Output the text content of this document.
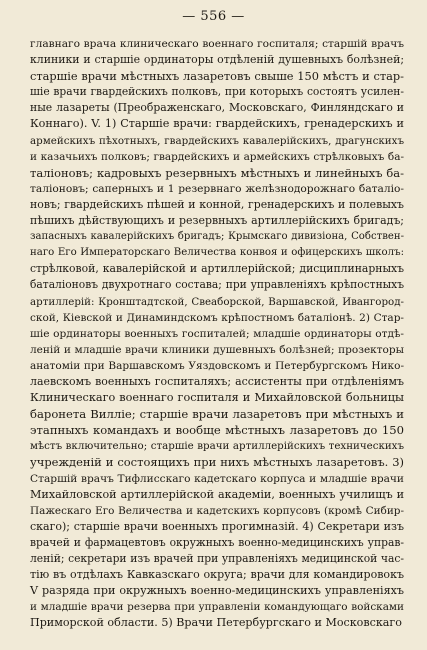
— 556 —
главнаго врача клиническаго военнаго госпиталя; старшій врачъ
клиники и старшіе ординаторы отдѣленій душевныхъ болѣзней;
старшіе врачи мѣстныхъ лазаретовъ свыше 150 мѣстъ и стар-
шіе врачи гвардейскихъ полковъ, при которыхъ состоятъ усилен-
ные лазареты (Преображенскаго, Московскаго, Финляндскаго и
Коннаго). V. 1) Старшіе врачи: гвардейскихъ, гренадерскихъ и
армейскихъ пѣхотныхъ, гвардейскихъ кавалерійскихъ, драгунскихъ
и казачьихъ полковъ; гвардейскихъ и армейскихъ стрѣлковыхъ ба-
таліоновъ; кадровыхъ резервныхъ мѣстныхъ и линейныхъ ба-
таліоновъ; саперныхъ и 1 резервнаго желѣзнодорожнаго баталіо-
новъ; гвардейскихъ пѣшей и конной, гренадерскихъ и полевыхъ
пѣшихъ дѣйствующихъ и резервныхъ артиллерійскихъ бригадъ;
запасныхъ кавалерійскихъ бригадъ; Крымскаго дивизіона, Собствен-
наго Его Императорскаго Величества конвоя и офицерскихъ школъ:
стрѣлковой, кавалерійской и артиллерійской; дисциплинарныхъ
баталіоновъ двухротнаго состава; при управленіяхъ крѣпостныхъ
артиллерій: Кронштадтской, Свеаборской, Варшавской, Ивангород-
ской, Кіевской и Динаминдскомъ крѣпостномъ баталіонѣ. 2) Стар-
шіе ординаторы военныхъ госпиталей; младшіе ординаторы отдѣ-
леній и младшіе врачи клиники душевныхъ болѣзней; прозекторы
анатоміи при Варшавскомъ Уяздовскомъ и Петербургскомъ Нико-
лаевскомъ военныхъ госпиталяхъ; ассистенты при отдѣленіямъ
Клиническаго военнаго госпиталя и Михайловской больницы
баронета Вилліе; старшіе врачи лазаретовъ при мѣстныхъ и
этапныхъ командахъ и вообще мѣстныхъ лазаретовъ до 150
мѣстъ включительно; старшіе врачи артиллерійскихъ техническихъ
учрежденій и состоящихъ при нихъ мѣстныхъ лазаретовъ. 3)
Старшій врачъ Тифлисскаго кадетскаго корпуса и младшіе врачи
Михайловской артиллерійской академіи, военныхъ училищъ и
Пажескаго Его Величества и кадетскихъ корпусовъ (кромѣ Сибир-
скаго); старшіе врачи военныхъ прогимназій. 4) Секретари изъ
врачей и фармацевтовъ окружныхъ военно-медицинскихъ управ-
леній; секретари изъ врачей при управленіяхъ медицинской час-
тію въ отдѣлахъ Кавказскаго округа; врачи для командировокъ
V разряда при окружныхъ военно-медицинскихъ управленіяхъ
и младшіе врачи резерва при управленіи командующаго войсками
Приморской области. 5) Врачи Петербургскаго и Московскаго
